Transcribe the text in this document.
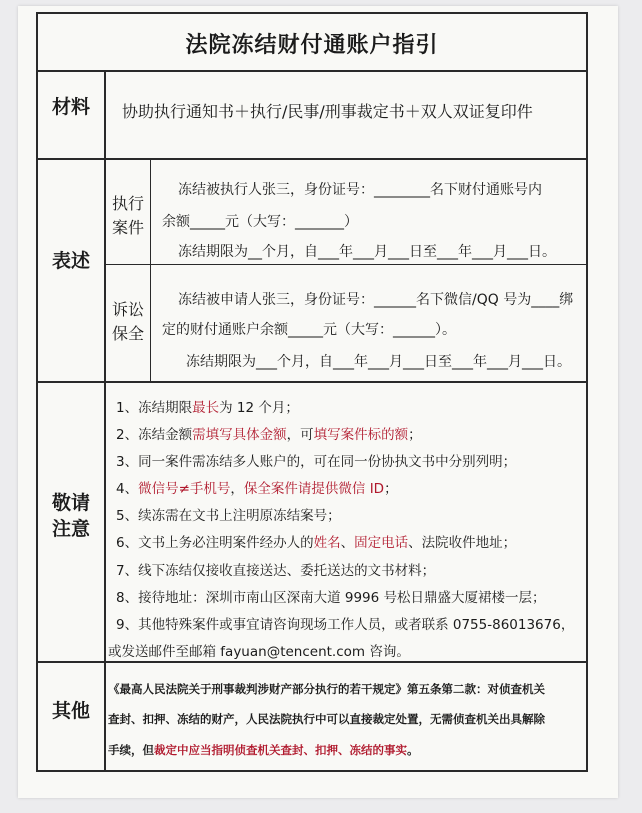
法院冻结财付通账户指引
材料	协助执行通知书＋执行/民事/刑事裁定书＋双人双证复印件
表述
执行案件
冻结被执行人张三，身份证号：________名下财付通账号内
余额_____元（大写：_______）
冻结期限为__个月，自___年___月___日至___年___月___日。
诉讼保全
冻结被申请人张三，身份证号：______名下微信/QQ 号为____绑
定的财付通账户余额_____元（大写：______）。
冻结期限为___个月，自___年___月___日至___年___月___日。
敬请注意
其他
1、冻结期限最长为 12 个月；
2、冻结金额需填写具体金额，可填写案件标的额；
3、同一案件需冻结多人账户的，可在同一份协执文书中分别列明；
4、微信号≠手机号，保全案件请提供微信 ID；
5、续冻需在文书上注明原冻结案号；
6、文书上务必注明案件经办人的姓名、固定电话、法院收件地址；
7、线下冻结仅接收直接送达、委托送达的文书材料；
8、接待地址：深圳市南山区深南大道 9996 号松日鼎盛大厦裙楼一层；
9、其他特殊案件或事宜请咨询现场工作人员，或者联系 0755-86013676，
或发送邮件至邮箱 fayuan@tencent.com 咨询。
《最高人民法院关于刑事裁判涉财产部分执行的若干规定》第五条第二款：对侦查机关
查封、扣押、冻结的财产，人民法院执行中可以直接裁定处置，无需侦查机关出具解除
手续，但裁定中应当指明侦查机关查封、扣押、冻结的事实。
